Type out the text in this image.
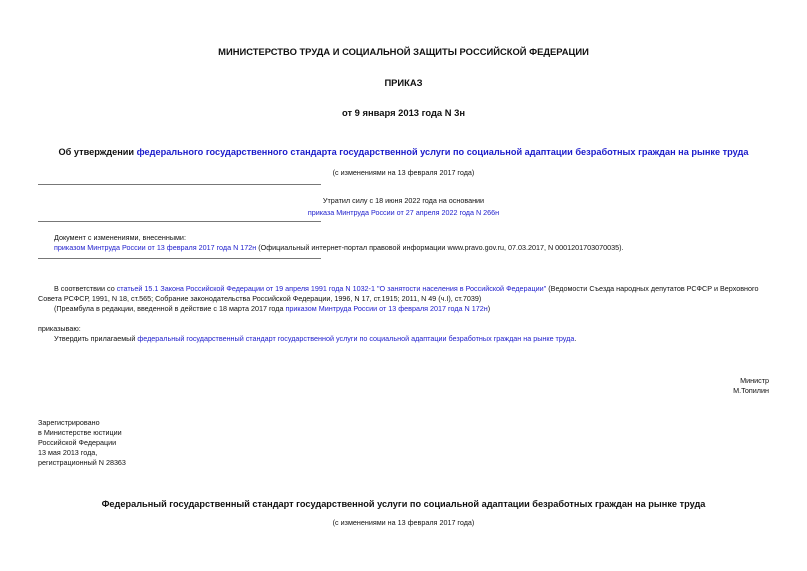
МИНИСТЕРСТВО ТРУДА И СОЦИАЛЬНОЙ ЗАЩИТЫ РОССИЙСКОЙ ФЕДЕРАЦИИ
ПРИКАЗ
от 9 января 2013 года N 3н
Об утверждении федерального государственного стандарта государственной услуги по социальной адаптации безработных граждан на рынке труда
(с изменениями на 13 февраля 2017 года)
Утратил силу с 18 июня 2022 года на основании
приказа Минтруда России от 27 апреля 2022 года N 266н
Документ с изменениями, внесенными:
приказом Минтруда России от 13 февраля 2017 года N 172н (Официальный интернет-портал правовой информации www.pravo.gov.ru, 07.03.2017, N 0001201703070035).
В соответствии со статьей 15.1 Закона Российской Федерации от 19 апреля 1991 года N 1032-1 "О занятости населения в Российской Федерации" (Ведомости Съезда народных депутатов РСФСР и Верховного
Совета РСФСР, 1991, N 18, ст.565; Собрание законодательства Российской Федерации, 1996, N 17, ст.1915; 2011, N 49 (ч.I), ст.7039)
(Преамбула в редакции, введенной в действие с 18 марта 2017 года приказом Минтруда России от 13 февраля 2017 года N 172н)
приказываю:
Утвердить прилагаемый федеральный государственный стандарт государственной услуги по социальной адаптации безработных граждан на рынке труда.
Министр
М.Топилин
Зарегистрировано
в Министерстве юстиции
Российской Федерации
13 мая 2013 года,
регистрационный N 28363
Федеральный государственный стандарт государственной услуги по социальной адаптации безработных граждан на рынке труда
(с изменениями на 13 февраля 2017 года)
